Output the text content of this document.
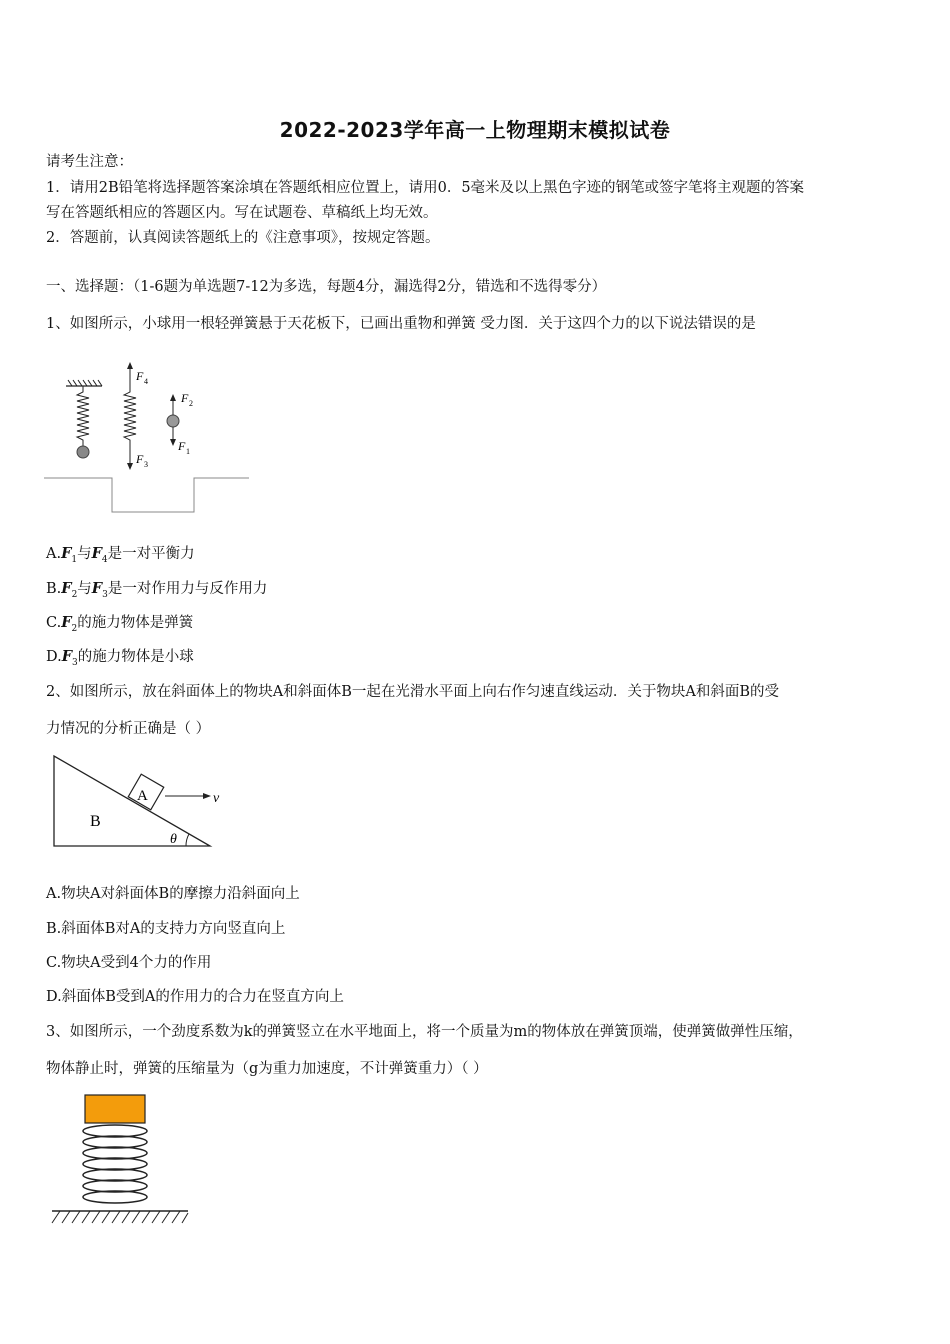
2022-2023学年高一上物理期末模拟试卷
请考生注意：
1．请用2B铅笔将选择题答案涂填在答题纸相应位置上，请用0．5毫米及以上黑色字迹的钢笔或签字笔将主观题的答案
写在答题纸相应的答题区内。写在试题卷、草稿纸上均无效。
2．答题前，认真阅读答题纸上的《注意事项》，按规定答题。
一、选择题：（1-6题为单选题7-12为多选，每题4分，漏选得2分，错选和不选得零分）
1、如图所示，小球用一根轻弹簧悬于天花板下，已画出重物和弹簧 受力图．关于这四个力的以下说法错误的是
F 4
F 3
F 2
F 1
$A.F_1$与$F_4$是一对平衡力
$B.F_2$与$F_3$是一对作用力与反作用力
$C.F_2$的施力物体是弹簧
$D.F_3$的施力物体是小球
2、如图所示，放在斜面体上的物块A和斜面体B一起在光滑水平面上向右作匀速直线运动．关于物块A和斜面B的受
力情况的分析正确是（ ）
A	v
B
θ
A.物块A对斜面体B的摩擦力沿斜面向上
B.斜面体B对A的支持力方向竖直向上
C.物块A受到4个力的作用
D.斜面体B受到A的作用力的合力在竖直方向上
3、如图所示，一个劲度系数为k的弹簧竖立在水平地面上，将一个质量为m的物体放在弹簧顶端，使弹簧做弹性压缩，
物体静止时，弹簧的压缩量为（g为重力加速度，不计弹簧重力）（ ）
